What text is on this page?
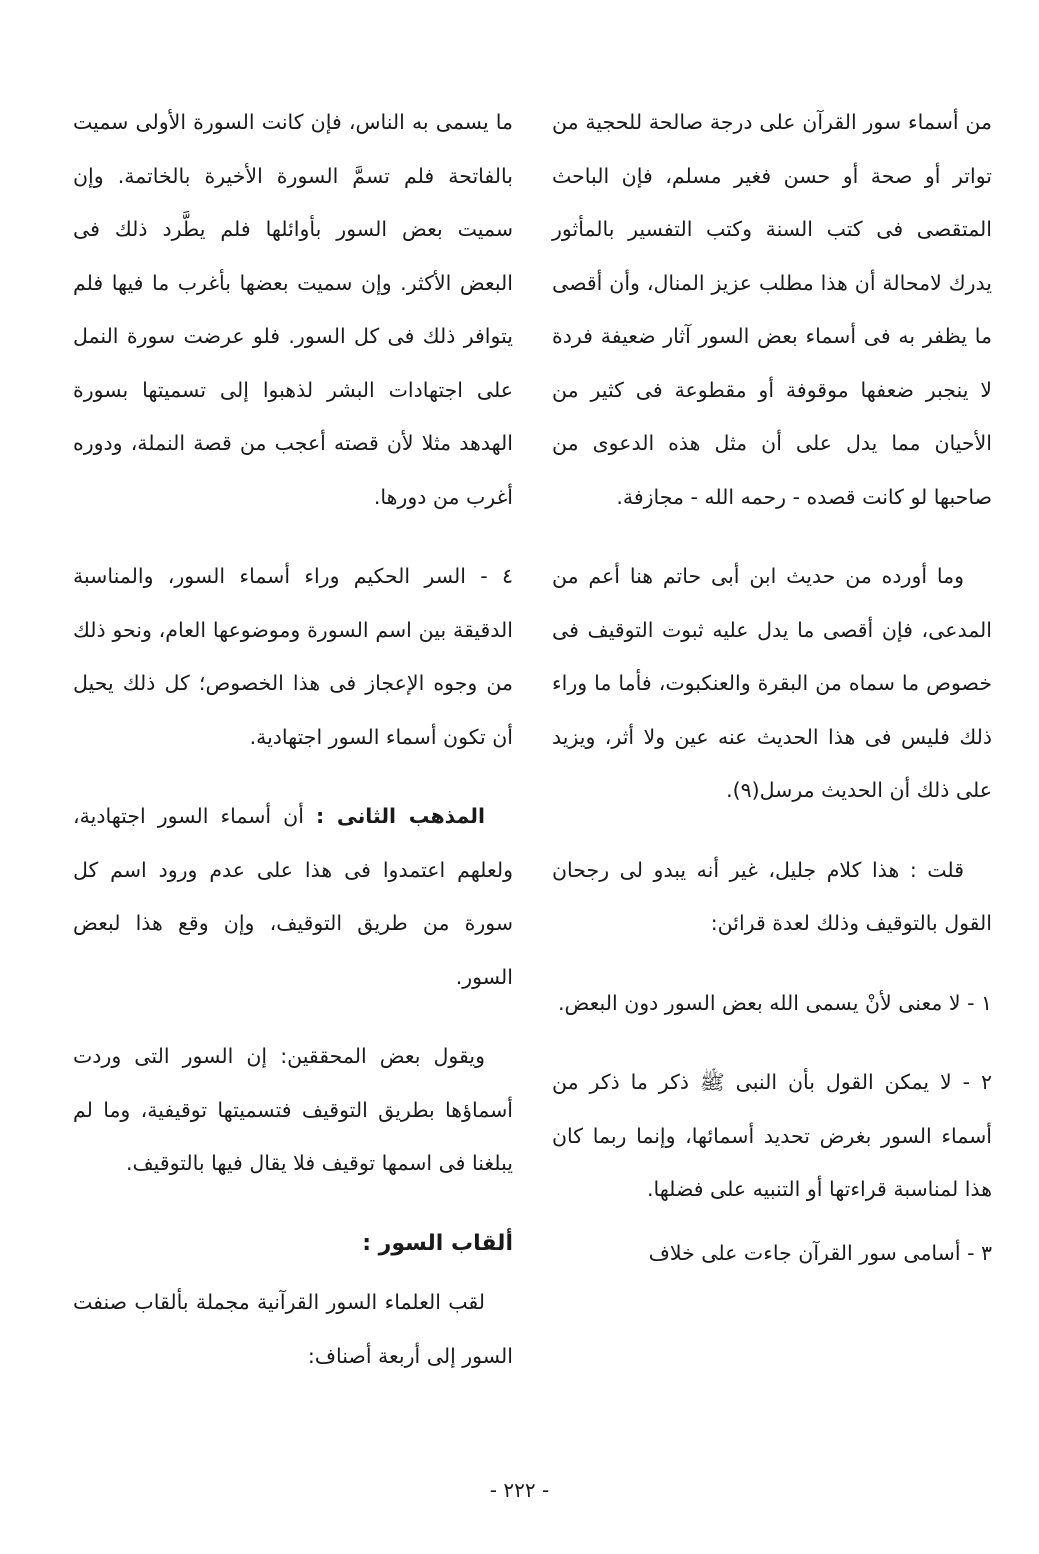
من أسماء سور القرآن على درجة صالحة للحجية من تواتر أو صحة أو حسن فغير مسلم، فإن الباحث المتقصى فى كتب السنة وكتب التفسير بالمأثور يدرك لامحالة أن هذا مطلب عزيز المنال، وأن أقصى ما يظفر به فى أسماء بعض السور آثار ضعيفة فردة لا ينجبر ضعفها موقوفة أو مقطوعة فى كثير من الأحيان مما يدل على أن مثل هذه الدعوى من صاحبها لو كانت قصده - رحمه الله - مجازفة.

وما أورده من حديث ابن أبى حاتم هنا أعم من المدعى، فإن أقصى ما يدل عليه ثبوت التوقيف فى خصوص ما سماه من البقرة والعنكبوت، فأما ما وراء ذلك فليس فى هذا الحديث عنه عين ولا أثر، ويزيد على ذلك أن الحديث مرسل(٩).

قلت : هذا كلام جليل، غير أنه يبدو لى رجحان القول بالتوقيف وذلك لعدة قرائن:

١ - لا معنى لأنْ يسمى الله بعض السور دون البعض.

٢ - لا يمكن القول بأن النبى ﷺ ذكر ما ذكر من أسماء السور بغرض تحديد أسمائها، وإنما ربما كان هذا لمناسبة قراءتها أو التنبيه على فضلها.

٣ - أسامى سور القرآن جاءت على خلاف

ما يسمى به الناس، فإن كانت السورة الأولى سميت بالفاتحة فلم تسمَّ السورة الأخيرة بالخاتمة. وإن سميت بعض السور بأوائلها فلم يطَّرد ذلك فى البعض الأكثر. وإن سميت بعضها بأغرب ما فيها فلم يتوافر ذلك فى كل السور. فلو عرضت سورة النمل على اجتهادات البشر لذهبوا إلى تسميتها بسورة الهدهد مثلا لأن قصته أعجب من قصة النملة، ودوره أغرب من دورها.

٤ - السر الحكيم وراء أسماء السور، والمناسبة الدقيقة بين اسم السورة وموضوعها العام، ونحو ذلك من وجوه الإعجاز فى هذا الخصوص؛ كل ذلك يحيل أن تكون أسماء السور اجتهادية.

المذهب الثانى : أن أسماء السور اجتهادية، ولعلهم اعتمدوا فى هذا على عدم ورود اسم كل سورة من طريق التوقيف، وإن وقع هذا لبعض السور.

ويقول بعض المحققين: إن السور التى وردت أسماؤها بطريق التوقيف فتسميتها توقيفية، وما لم يبلغنا فى اسمها توقيف فلا يقال فيها بالتوقيف.

ألقاب السور :

لقب العلماء السور القرآنية مجملة بألقاب صنفت السور إلى أربعة أصناف:

- ٢٢٢ -
